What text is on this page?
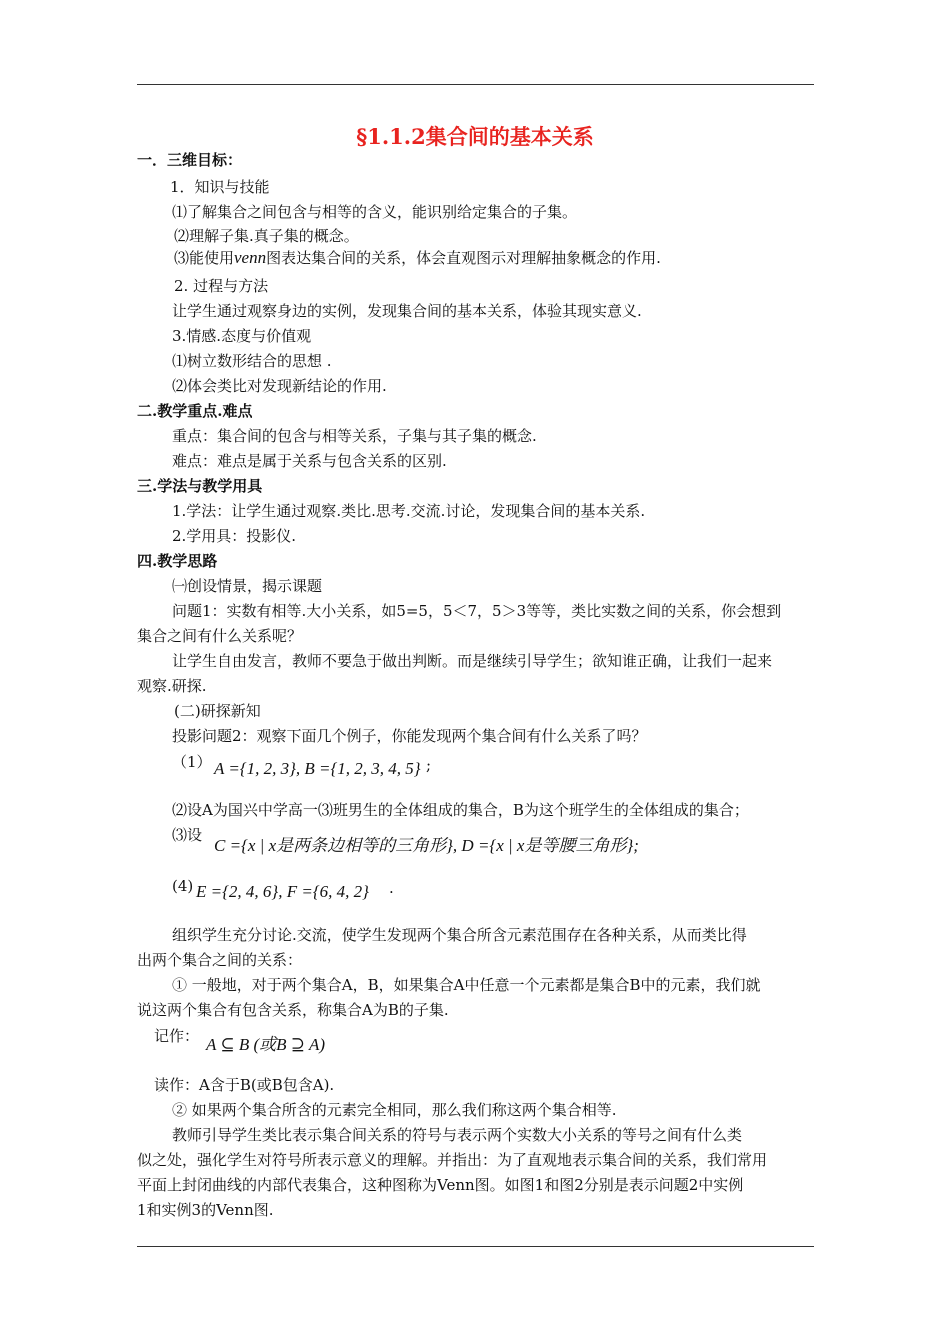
§1.1.2集合间的基本关系
一．三维目标：
1．知识与技能
⑴了解集合之间包含与相等的含义，能识别给定集合的子集。
⑵理解子集.真子集的概念。
⑶能使用venn图表达集合间的关系，体会直观图示对理解抽象概念的作用.
2. 过程与方法
让学生通过观察身边的实例，发现集合间的基本关系，体验其现实意义.
3.情感.态度与价值观
⑴树立数形结合的思想 .
⑵体会类比对发现新结论的作用.
二.教学重点.难点
重点：集合间的包含与相等关系，子集与其子集的概念.
难点：难点是属于关系与包含关系的区别.
三.学法与教学用具
1.学法：让学生通过观察.类比.思考.交流.讨论，发现集合间的基本关系.
2.学用具：投影仪.
四.教学思路
㈠创设情景，揭示课题
问题1：实数有相等.大小关系，如5=5，5＜7，5＞3等等，类比实数之间的关系，你会想到
集合之间有什么关系呢？
让学生自由发言，教师不要急于做出判断。而是继续引导学生；欲知谁正确，让我们一起来
观察.研探.
(二)研探新知
投影问题2：观察下面几个例子，你能发现两个集合间有什么关系了吗？
（1） A ={1, 2, 3}, B ={1, 2, 3, 4, 5} ;
⑵设A为国兴中学高一⑶班男生的全体组成的集合，B为这个班学生的全体组成的集合；
⑶设
C ={x | x是两条边相等的三角形}, D ={x | x是等腰三角形};
(4) E ={2, 4, 6}, F ={6, 4, 2} .
组织学生充分讨论.交流，使学生发现两个集合所含元素范围存在各种关系，从而类比得
出两个集合之间的关系：
① 一般地，对于两个集合A，B，如果集合A中任意一个元素都是集合B中的元素，我们就
说这两个集合有包含关系，称集合A为B的子集.
记作： A ⊆ B (或B ⊇ A)
读作：A含于B(或B包含A).
② 如果两个集合所含的元素完全相同，那么我们称这两个集合相等.
教师引导学生类比表示集合间关系的符号与表示两个实数大小关系的等号之间有什么类
似之处，强化学生对符号所表示意义的理解。并指出：为了直观地表示集合间的关系，我们常用
平面上封闭曲线的内部代表集合，这种图称为Venn图。如图1和图2分别是表示问题2中实例
1和实例3的Venn图.
